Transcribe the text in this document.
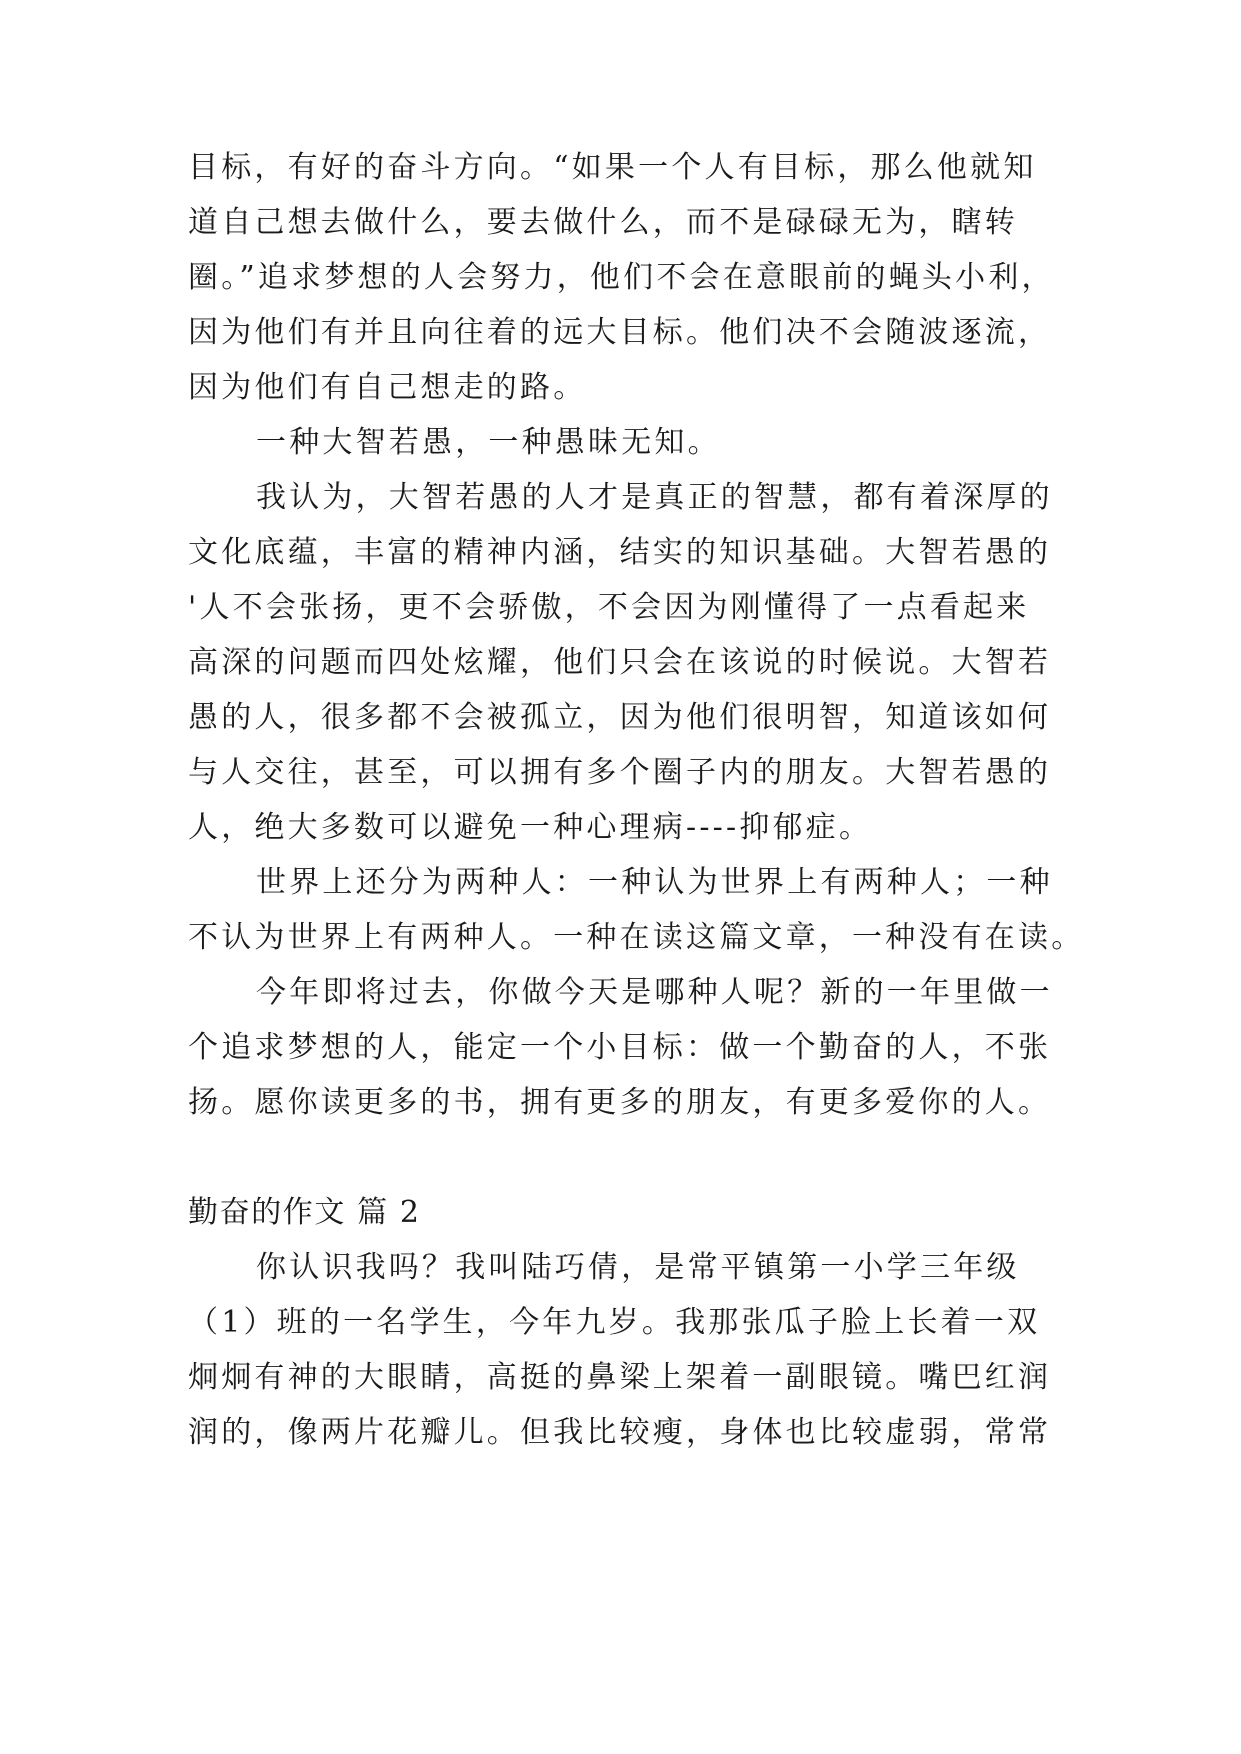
目标，有好的奋斗方向。“如果一个人有目标，那么他就知
道自己想去做什么，要去做什么，而不是碌碌无为，瞎转
圈。”追求梦想的人会努力，他们不会在意眼前的蝇头小利，
因为他们有并且向往着的远大目标。他们决不会随波逐流，
因为他们有自己想走的路。
一种大智若愚，一种愚昧无知。
我认为，大智若愚的人才是真正的智慧，都有着深厚的
文化底蕴，丰富的精神内涵，结实的知识基础。大智若愚的
'人不会张扬，更不会骄傲，不会因为刚懂得了一点看起来
高深的问题而四处炫耀，他们只会在该说的时候说。大智若
愚的人，很多都不会被孤立，因为他们很明智，知道该如何
与人交往，甚至，可以拥有多个圈子内的朋友。大智若愚的
人，绝大多数可以避免一种心理病----抑郁症。
世界上还分为两种人：一种认为世界上有两种人；一种
不认为世界上有两种人。一种在读这篇文章，一种没有在读。
今年即将过去，你做今天是哪种人呢？新的一年里做一
个追求梦想的人，能定一个小目标：做一个勤奋的人，不张
扬。愿你读更多的书，拥有更多的朋友，有更多爱你的人。
勤奋的作文 篇 2
你认识我吗？我叫陆巧倩，是常平镇第一小学三年级
（1）班的一名学生，今年九岁。我那张瓜子脸上长着一双
炯炯有神的大眼睛，高挺的鼻梁上架着一副眼镜。嘴巴红润
润的，像两片花瓣儿。但我比较瘦，身体也比较虚弱，常常
